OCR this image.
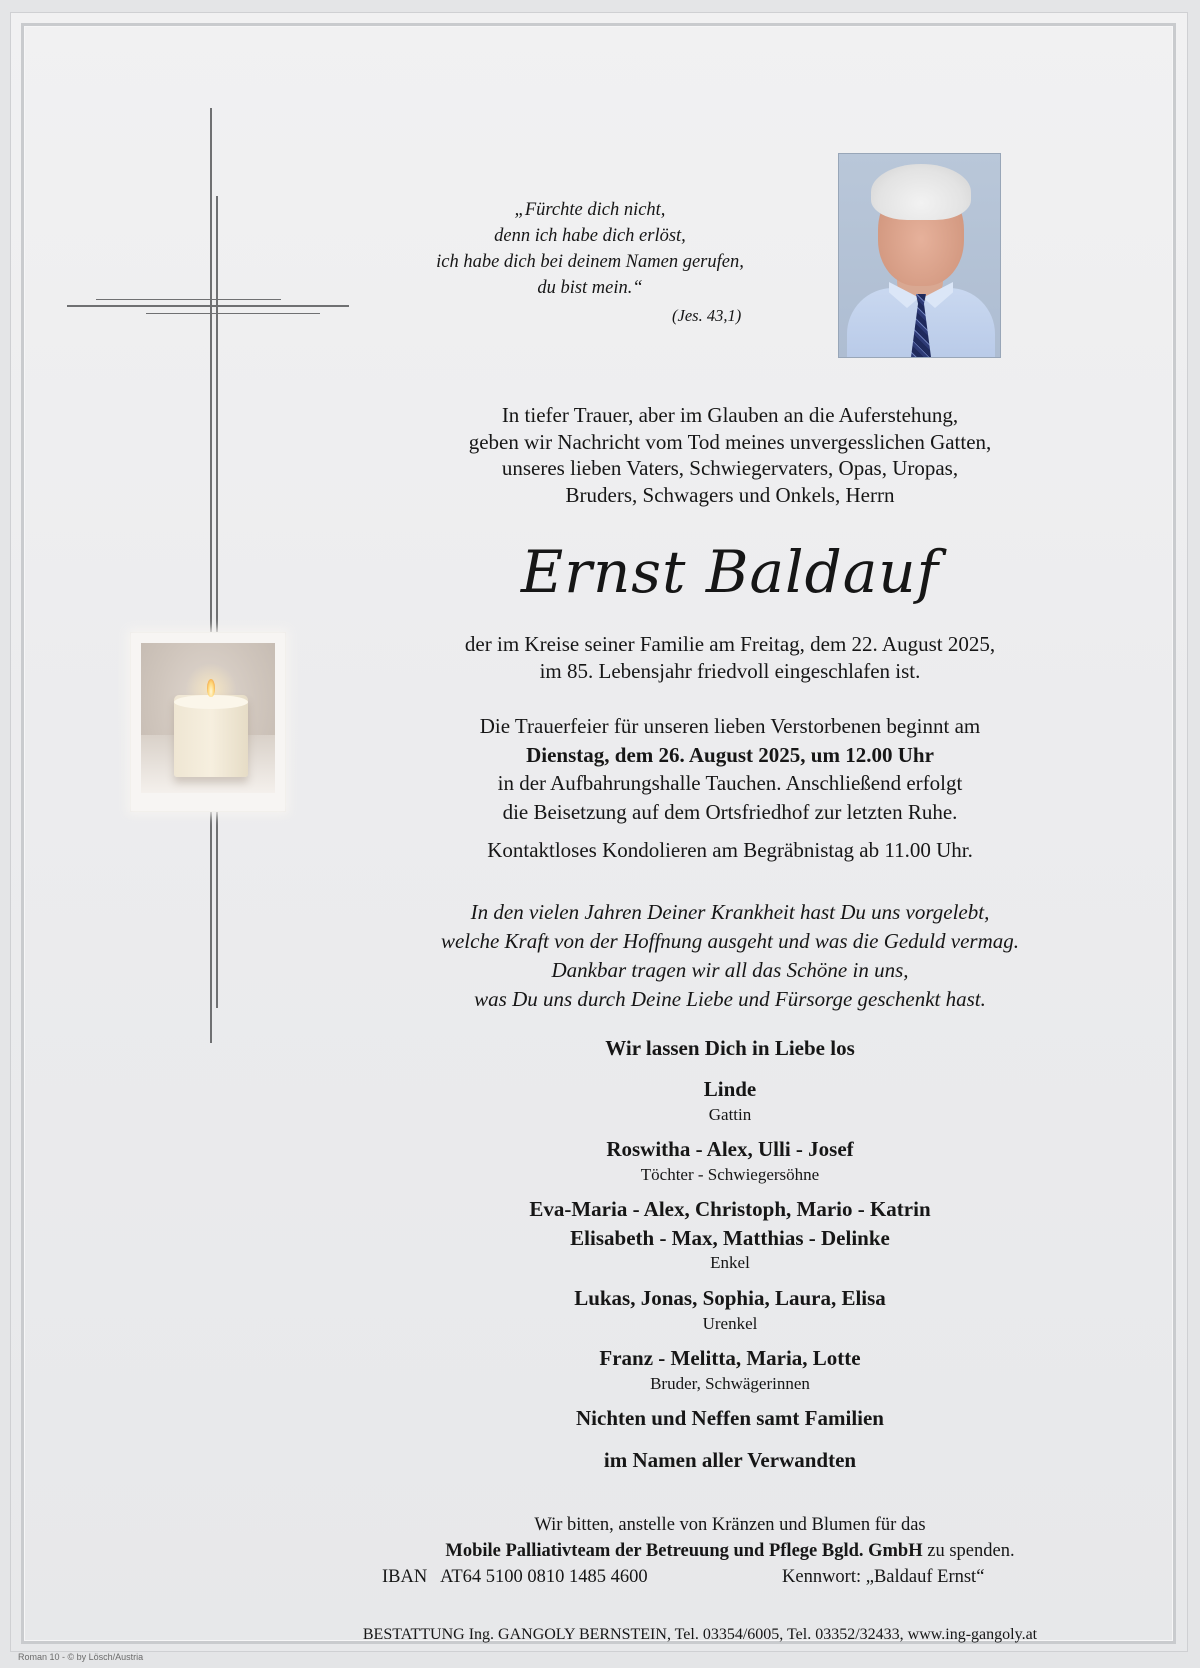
„Fürchte dich nicht,
denn ich habe dich erlöst,
ich habe dich bei deinem Namen gerufen,
du bist mein.“
(Jes. 43,1)
In tiefer Trauer, aber im Glauben an die Auferstehung,
geben wir Nachricht vom Tod meines unvergesslichen Gatten,
unseres lieben Vaters, Schwiegervaters, Opas, Uropas,
Bruders, Schwagers und Onkels, Herrn
Ernst Baldauf
der im Kreise seiner Familie am Freitag, dem 22. August 2025,
im 85. Lebensjahr friedvoll eingeschlafen ist.
Die Trauerfeier für unseren lieben Verstorbenen beginnt am
Dienstag, dem 26. August 2025, um 12.00 Uhr
in der Aufbahrungshalle Tauchen. Anschließend erfolgt
die Beisetzung auf dem Ortsfriedhof zur letzten Ruhe.
Kontaktloses Kondolieren am Begräbnistag ab 11.00 Uhr.
In den vielen Jahren Deiner Krankheit hast Du uns vorgelebt,
welche Kraft von der Hoffnung ausgeht und was die Geduld vermag.
Dankbar tragen wir all das Schöne in uns,
was Du uns durch Deine Liebe und Fürsorge geschenkt hast.
Wir lassen Dich in Liebe los
Linde
Gattin
Roswitha - Alex, Ulli - Josef
Töchter - Schwiegersöhne
Eva-Maria - Alex, Christoph, Mario - Katrin
Elisabeth - Max, Matthias - Delinke
Enkel
Lukas, Jonas, Sophia, Laura, Elisa
Urenkel
Franz - Melitta, Maria, Lotte
Bruder, Schwägerinnen
Nichten und Neffen samt Familien
im Namen aller Verwandten
Wir bitten, anstelle von Kränzen und Blumen für das
Mobile Palliativteam der Betreuung und Pflege Bgld. GmbH zu spenden.
IBAN   AT64 5100 0810 1485 4600	Kennwort: „Baldauf Ernst“
BESTATTUNG Ing. GANGOLY BERNSTEIN, Tel. 03354/6005, Tel. 03352/32433, www.ing-gangoly.at
Roman 10 - © by Lösch/Austria
